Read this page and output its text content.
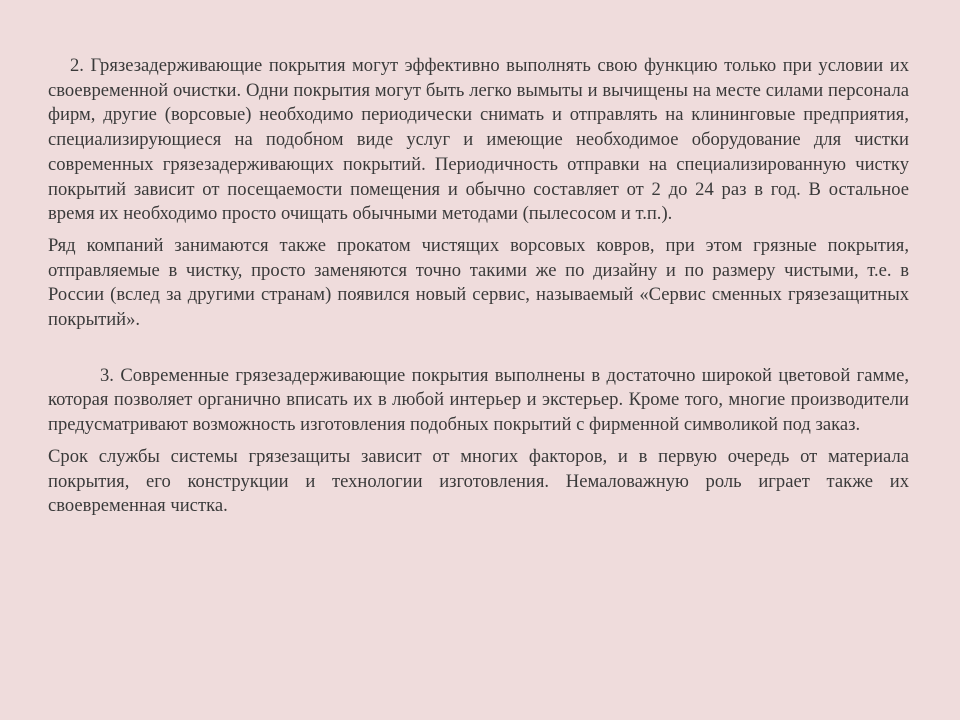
2. Грязезадерживающие покрытия могут эффективно выполнять свою функцию только при условии их своевременной очистки. Одни покрытия могут быть легко вымыты и вычищены на месте силами персонала фирм, другие (ворсовые) необходимо периодически снимать и отправлять на клининговые предприятия, специализирующиеся на подобном виде услуг и имеющие необходимое оборудование для чистки современных грязезадерживающих покрытий. Периодичность отправки на специализированную чистку покрытий зависит от посещаемости помещения и обычно составляет от 2 до 24 раз в год. В остальное время их необходимо просто очищать обычными методами (пылесосом и т.п.).

Ряд компаний занимаются также прокатом чистящих ворсовых ковров, при этом грязные покрытия, отправляемые в чистку, просто заменяются точно такими же по дизайну и по размеру чистыми, т.е. в России (вслед за другими странам) появился новый сервис, называемый «Сервис сменных грязезащитных покрытий».

3. Современные грязезадерживающие покрытия выполнены в достаточно широкой цветовой гамме, которая позволяет органично вписать их в любой интерьер и экстерьер. Кроме того, многие производители предусматривают возможность изготовления подобных покрытий с фирменной символикой под заказ.

Срок службы системы грязезащиты зависит от многих факторов, и в первую очередь от материала покрытия, его конструкции и технологии изготовления. Немаловажную роль играет также их своевременная чистка.
